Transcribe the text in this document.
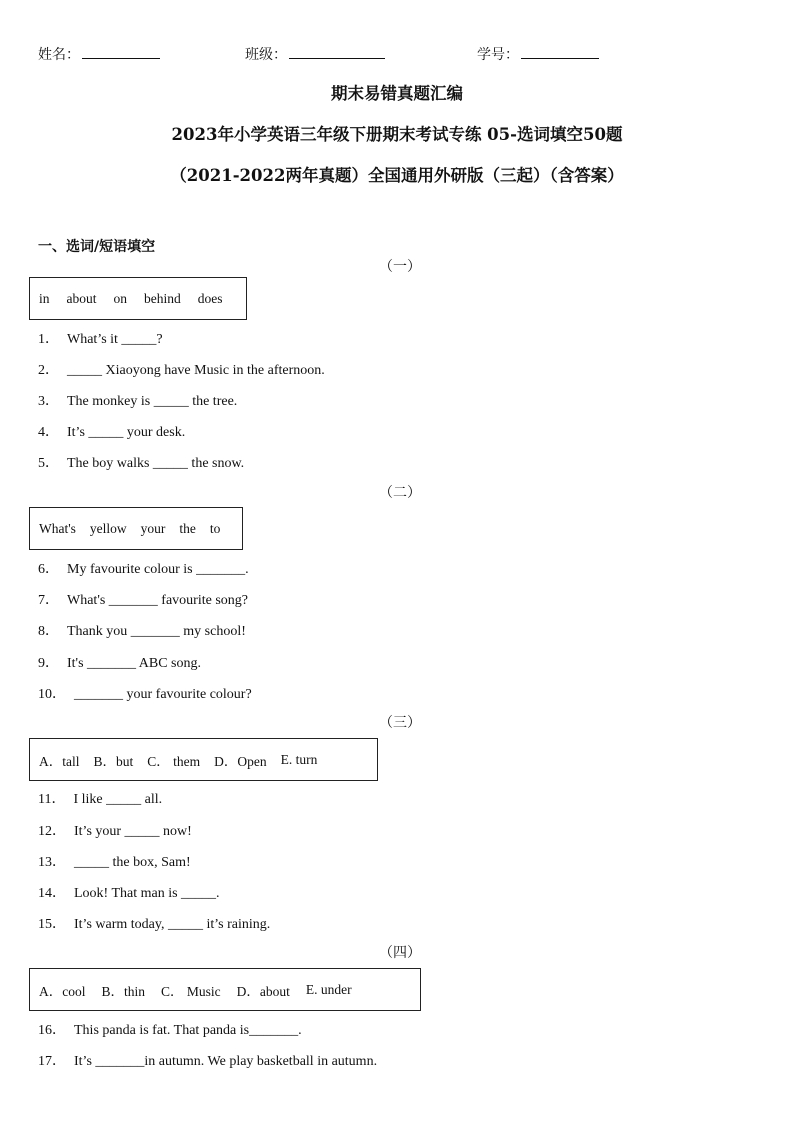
姓名：	班级：	学号：
期末易错真题汇编
2023年小学英语三年级下册期末考试专练 05-选词填空50题
（2021-2022两年真题）全国通用外研版（三起）（含答案）
一、选词/短语填空
（一）
in about on behind does
1． What’s it _____?
2． _____ Xiaoyong have Music in the afternoon.
3． The monkey is _____ the tree.
4． It’s _____ your desk.
5． The boy walks _____ the snow.
（二）
What's yellow your the to
6． My favourite colour is _______.
7． What's _______ favourite song?
8． Thank you _______ my school!
9． It's _______ ABC song.
10． _______ your favourite colour?
（三）
A．tall B．but C． them D．Open E. turn
11． I like _____ all.
12． It’s your _____ now!
13． _____ the box, Sam!
14． Look! That man is _____.
15． It’s warm today, _____ it’s raining.
（四）
A．cool B．thin C． Music D．about E. under
16． This panda is fat. That panda is_______.
17． It’s _______in autumn. We play basketball in autumn.
